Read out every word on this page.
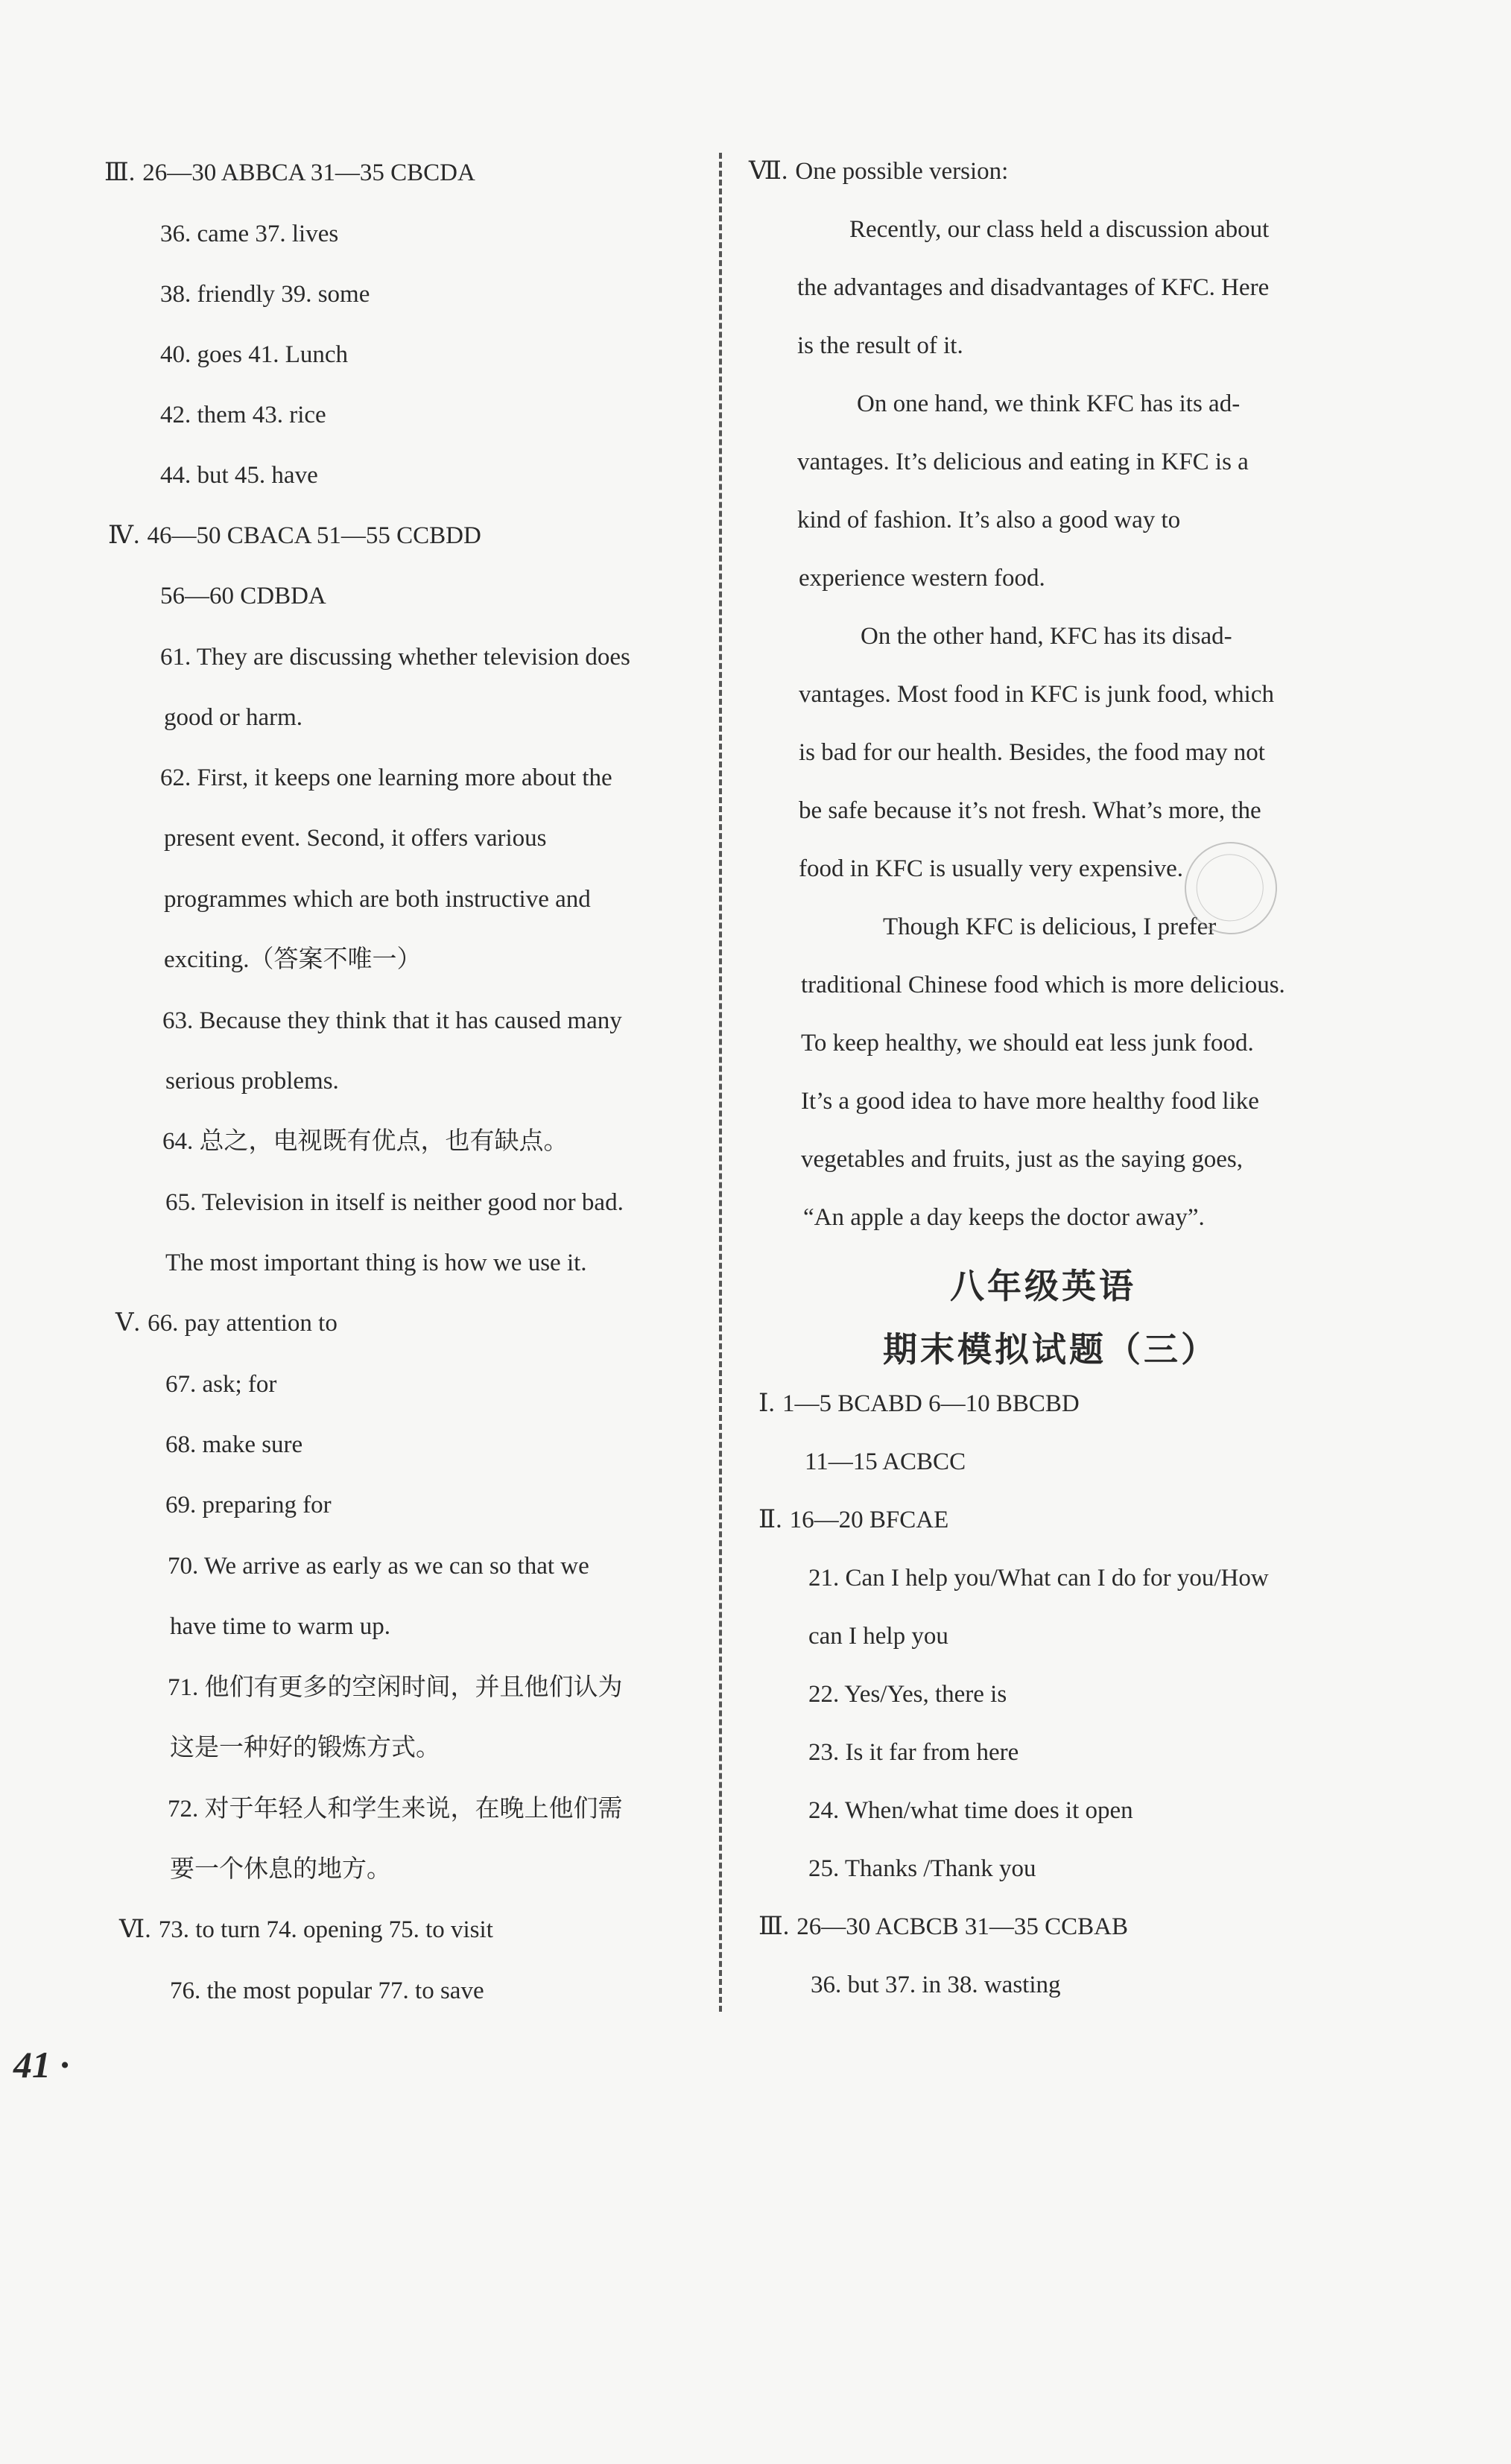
Ⅲ. 26—30 ABBCA 31—35 CBCDA
36. came 37. lives
38. friendly 39. some
40. goes 41. Lunch
42. them 43. rice
44. but 45. have
Ⅳ. 46—50 CBACA 51—55 CCBDD
56—60 CDBDA
61. They are discussing whether television does
good or harm.
62. First, it keeps one learning more about the
present event. Second, it offers various
programmes which are both instructive and
exciting.（答案不唯一）
63. Because they think that it has caused many
serious problems.
64. 总之，电视既有优点，也有缺点。
65. Television in itself is neither good nor bad.
The most important thing is how we use it.
Ⅴ. 66. pay attention to
67. ask; for
68. make sure
69. preparing for
70. We arrive as early as we can so that we
have time to warm up.
71. 他们有更多的空闲时间，并且他们认为
这是一种好的锻炼方式。
72. 对于年轻人和学生来说，在晚上他们需
要一个休息的地方。
Ⅵ. 73. to turn 74. opening 75. to visit
76. the most popular 77. to save
Ⅶ. One possible version:
Recently, our class held a discussion about
the advantages and disadvantages of KFC. Here
is the result of it.
On one hand, we think KFC has its ad-
vantages. It’s delicious and eating in KFC is a
kind of fashion. It’s also a good way to
experience western food.
On the other hand, KFC has its disad-
vantages. Most food in KFC is junk food, which
is bad for our health. Besides, the food may not
be safe because it’s not fresh. What’s more, the
food in KFC is usually very expensive.
Though KFC is delicious, I prefer
traditional Chinese food which is more delicious.
To keep healthy, we should eat less junk food.
It’s a good idea to have more healthy food like
vegetables and fruits, just as the saying goes,
“An apple a day keeps the doctor away”.
八年级英语
期末模拟试题（三）
Ⅰ. 1—5 BCABD 6—10 BBCBD
11—15 ACBCC
Ⅱ. 16—20 BFCAE
21. Can I help you/What can I do for you/How
can I help you
22. Yes/Yes, there is
23. Is it far from here
24. When/what time does it open
25. Thanks /Thank you
Ⅲ. 26—30 ACBCB 31—35 CCBAB
36. but 37. in 38. wasting
41 ·
